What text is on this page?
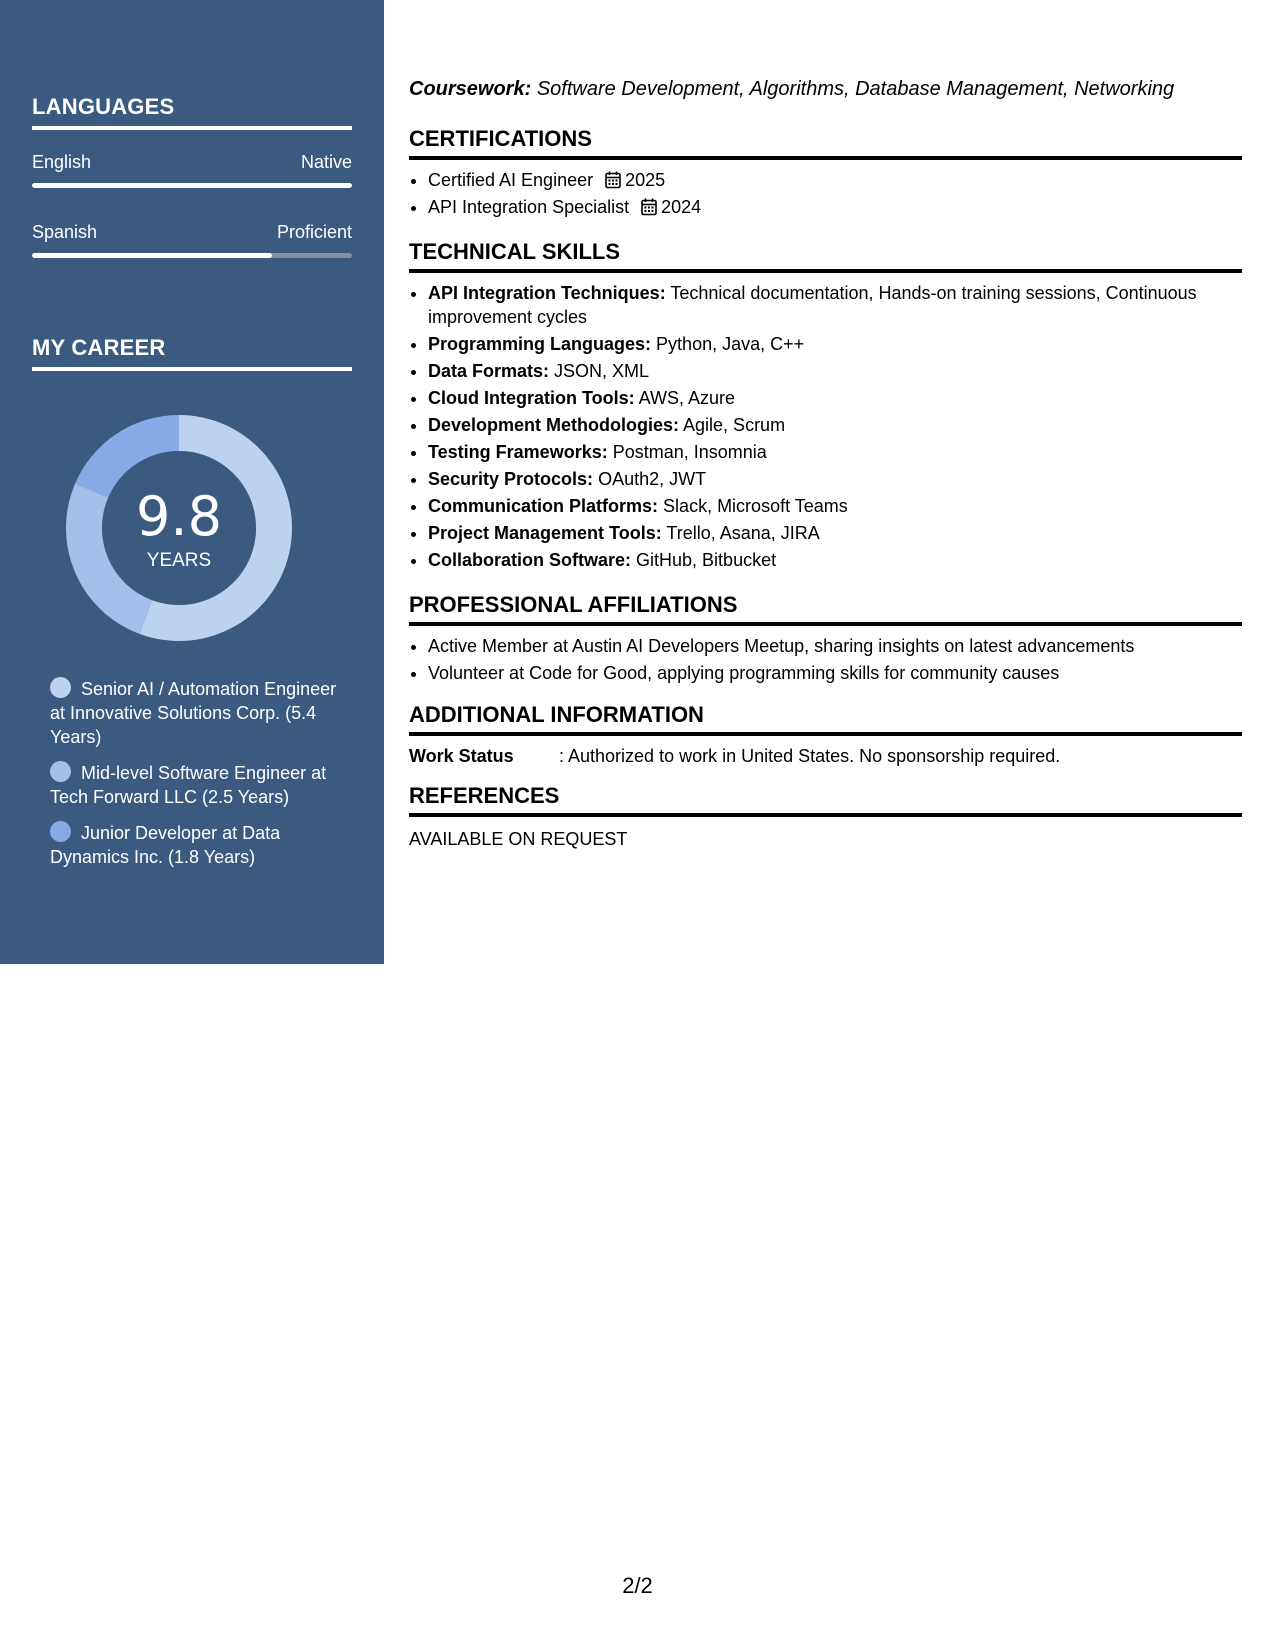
LANGUAGES
English	Native
Spanish	Proficient
MY CAREER
9.8
YEARS
Senior AI / Automation Engineer at Innovative Solutions Corp. (5.4 Years)
Mid-level Software Engineer at Tech Forward LLC (2.5 Years)
Junior Developer at Data Dynamics Inc. (1.8 Years)
Coursework: Software Development, Algorithms, Database Management, Networking
CERTIFICATIONS
• Certified AI Engineer 2025
• API Integration Specialist 2024
TECHNICAL SKILLS
• API Integration Techniques: Technical documentation, Hands-on training sessions, Continuous improvement cycles
• Programming Languages: Python, Java, C++
• Data Formats: JSON, XML
• Cloud Integration Tools: AWS, Azure
• Development Methodologies: Agile, Scrum
• Testing Frameworks: Postman, Insomnia
• Security Protocols: OAuth2, JWT
• Communication Platforms: Slack, Microsoft Teams
• Project Management Tools: Trello, Asana, JIRA
• Collaboration Software: GitHub, Bitbucket
PROFESSIONAL AFFILIATIONS
• Active Member at Austin AI Developers Meetup, sharing insights on latest advancements
• Volunteer at Code for Good, applying programming skills for community causes
ADDITIONAL INFORMATION
Work Status	: Authorized to work in United States. No sponsorship required.
REFERENCES
AVAILABLE ON REQUEST
2/2
